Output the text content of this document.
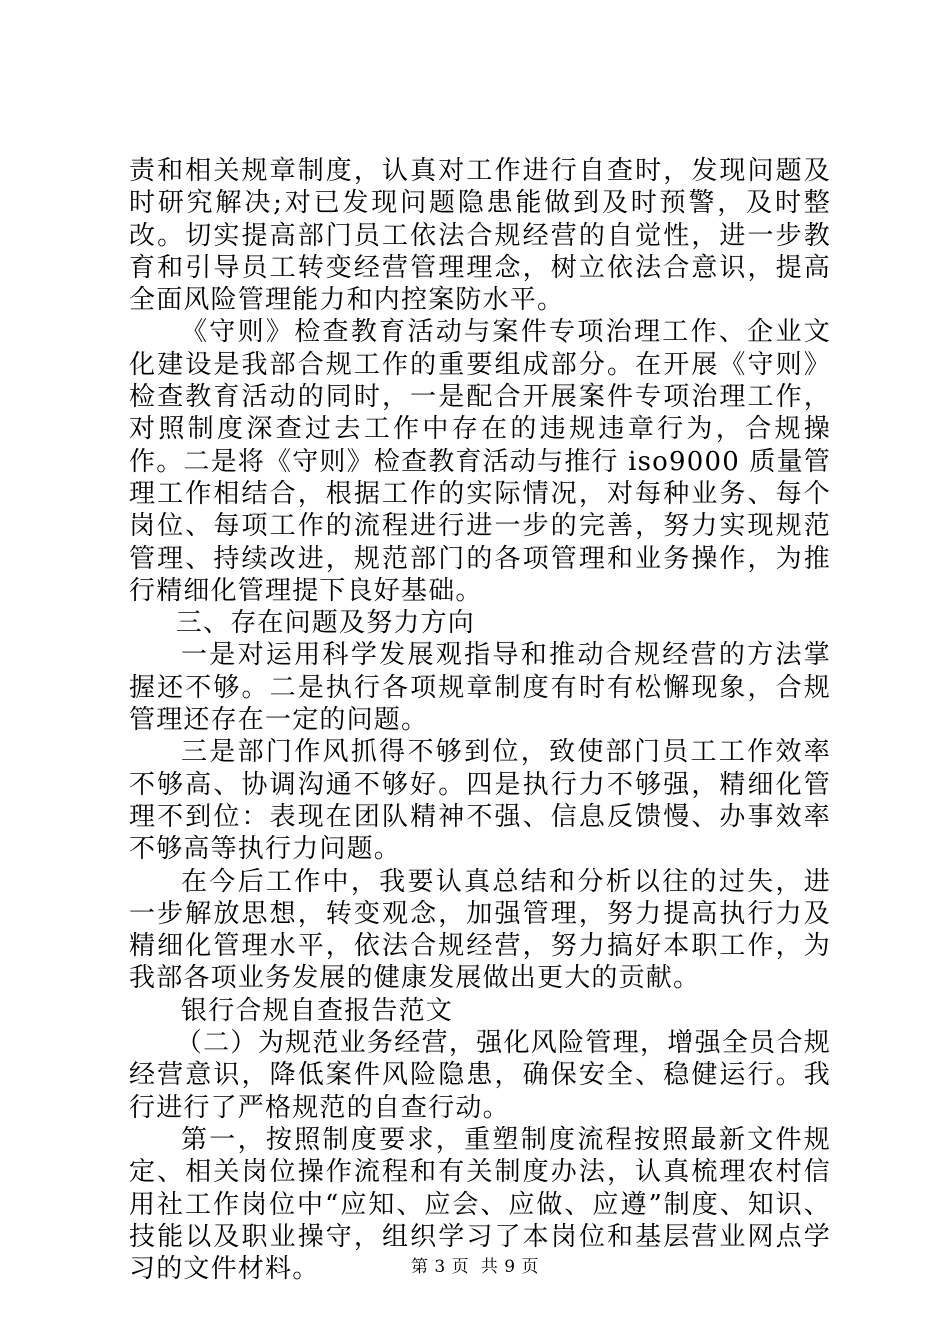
责和相关规章制度，认真对工作进行自查时，发现问题及时研究解决;对已发现问题隐患能做到及时预警，及时整改。切实提高部门员工依法合规经营的自觉性，进一步教育和引导员工转变经营管理理念，树立依法合意识，提高全面风险管理能力和内控案防水平。

《守则》检查教育活动与案件专项治理工作、企业文化建设是我部合规工作的重要组成部分。在开展《守则》检查教育活动的同时，一是配合开展案件专项治理工作，对照制度深查过去工作中存在的违规违章行为，合规操作。二是将《守则》检查教育活动与推行 iso9000 质量管理工作相结合，根据工作的实际情况，对每种业务、每个岗位、每项工作的流程进行进一步的完善，努力实现规范管理、持续改进，规范部门的各项管理和业务操作，为推行精细化管理提下良好基础。

三、存在问题及努力方向

一是对运用科学发展观指导和推动合规经营的方法掌握还不够。二是执行各项规章制度有时有松懈现象，合规管理还存在一定的问题。

三是部门作风抓得不够到位，致使部门员工工作效率不够高、协调沟通不够好。四是执行力不够强，精细化管理不到位：表现在团队精神不强、信息反馈慢、办事效率不够高等执行力问题。

在今后工作中，我要认真总结和分析以往的过失，进一步解放思想，转变观念，加强管理，努力提高执行力及精细化管理水平，依法合规经营，努力搞好本职工作，为我部各项业务发展的健康发展做出更大的贡献。

银行合规自查报告范文

（二）为规范业务经营，强化风险管理，增强全员合规经营意识，降低案件风险隐患，确保安全、稳健运行。我行进行了严格规范的自查行动。

第一，按照制度要求，重塑制度流程按照最新文件规定、相关岗位操作流程和有关制度办法，认真梳理农村信用社工作岗位中“应知、应会、应做、应遵”制度、知识、技能以及职业操守，组织学习了本岗位和基层营业网点学习的文件材料。	第 3 页  共 9 页
